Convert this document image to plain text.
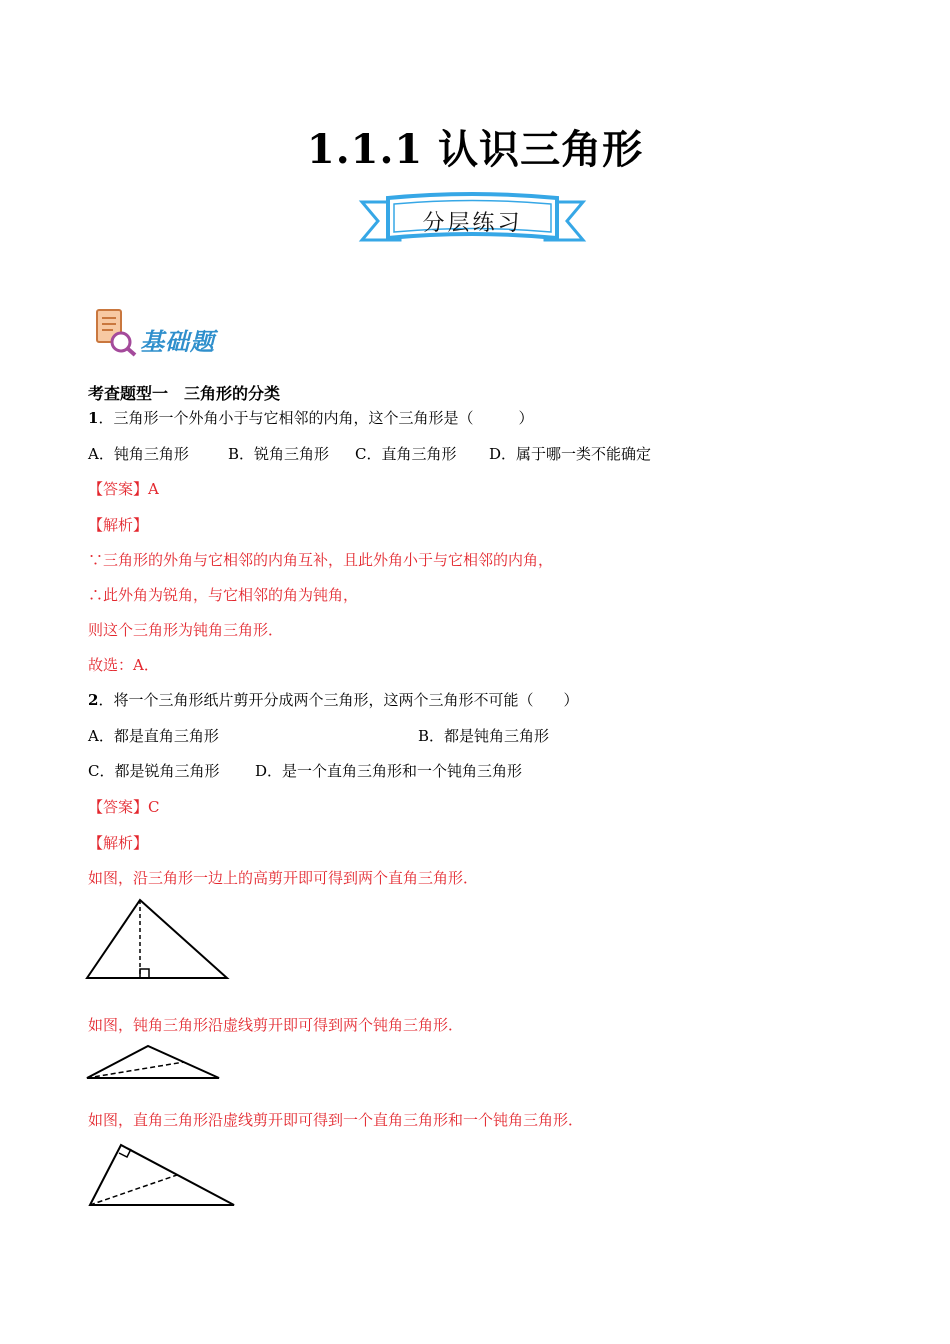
1.1.1 认识三角形
分层练习
基础题
考查题型一　三角形的分类
1．三角形一个外角小于与它相邻的内角，这个三角形是（　　　）
A．钝角三角形	B．锐角三角形 C．直角三角形 D．属于哪一类不能确定
【答案】A
【解析】
∵三角形的外角与它相邻的内角互补，且此外角小于与它相邻的内角，
∴此外角为锐角，与它相邻的角为钝角，
则这个三角形为钝角三角形．
故选：A．
2．将一个三角形纸片剪开分成两个三角形，这两个三角形不可能（　　）
A．都是直角三角形	B．都是钝角三角形
C．都是锐角三角形 D．是一个直角三角形和一个钝角三角形
【答案】C
【解析】
如图，沿三角形一边上的高剪开即可得到两个直角三角形．
如图，钝角三角形沿虚线剪开即可得到两个钝角三角形．
如图，直角三角形沿虚线剪开即可得到一个直角三角形和一个钝角三角形．
